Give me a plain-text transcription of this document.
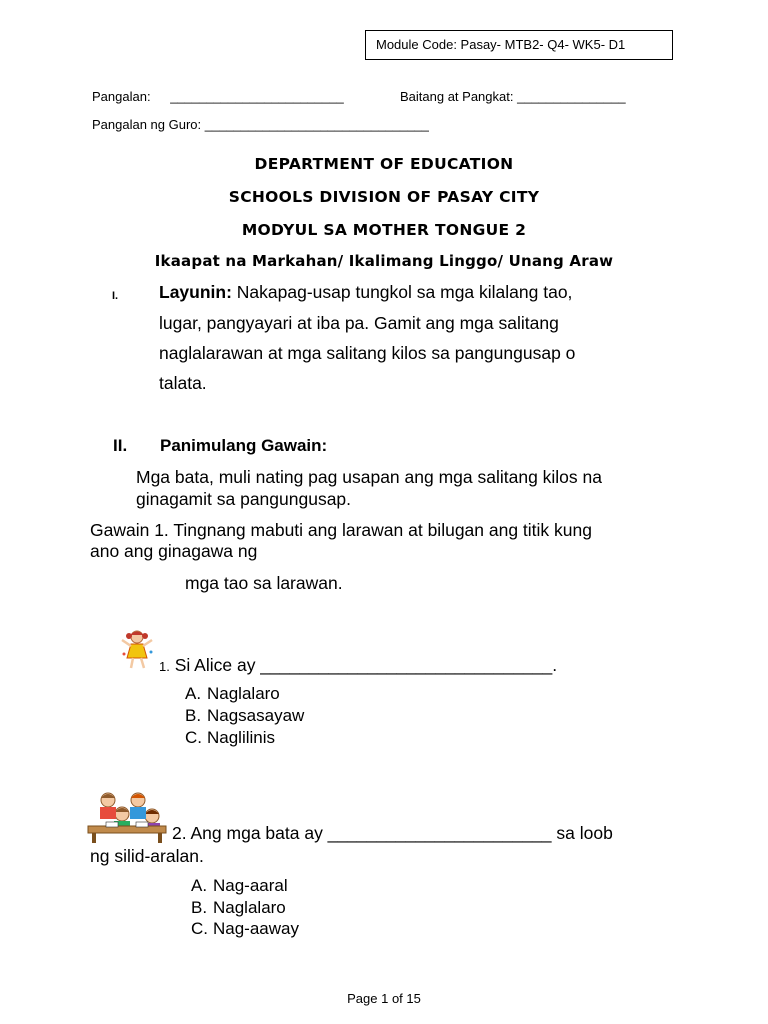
Module Code: Pasay- MTB2- Q4- WK5- D1
Pangalan: ________________________	Baitang at Pangkat: _______________
Pangalan ng Guro: _______________________________
DEPARTMENT OF EDUCATION
SCHOOLS DIVISION OF PASAY CITY
MODYUL SA MOTHER TONGUE 2
Ikaapat na Markahan/ Ikalimang Linggo/ Unang Araw
I. Layunin: Nakapag-usap tungkol sa mga kilalang tao,
lugar, pangyayari at iba pa. Gamit ang mga salitang
naglalarawan at mga salitang kilos sa pangungusap o
talata.
II. Panimulang Gawain:
Mga bata, muli nating pag usapan ang mga salitang kilos na
ginagamit sa pangungusap.
Gawain 1. Tingnang mabuti ang larawan at bilugan ang titik kung
ano ang ginagawa ng
mga tao sa larawan.
1. Si Alice ay ______________________________.
A. Naglalaro
B. Nagsasayaw
C. Naglilinis
2. Ang mga bata ay _______________________ sa loob
ng silid-aralan.
A. Nag-aaral
B. Naglalaro
C. Nag-aaway
Page 1 of 15
